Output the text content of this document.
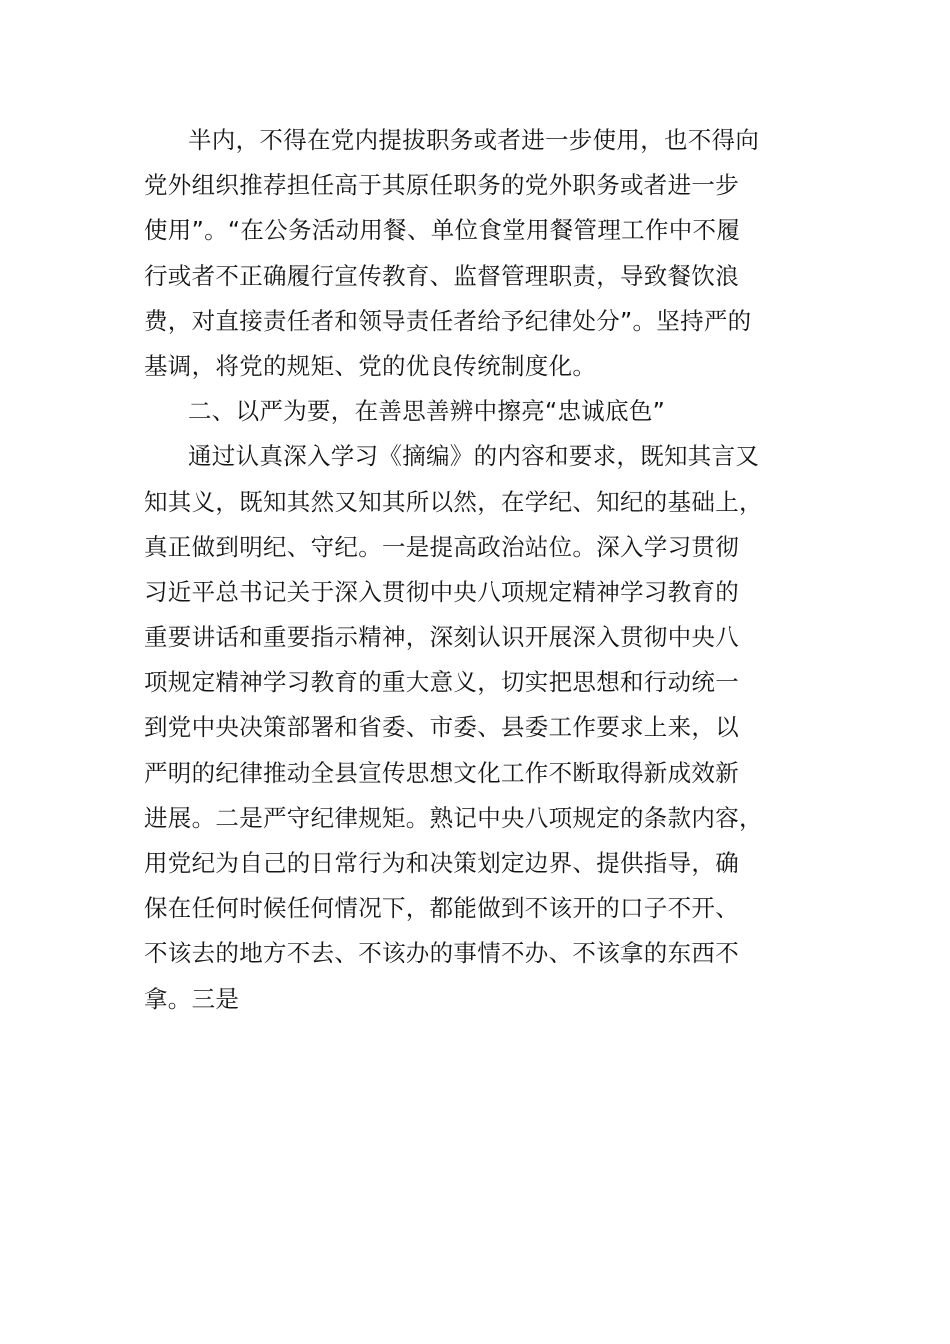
半内，不得在党内提拔职务或者进一步使用，也不得向
党外组织推荐担任高于其原任职务的党外职务或者进一步
使用”。“在公务活动用餐、单位食堂用餐管理工作中不履
行或者不正确履行宣传教育、监督管理职责，导致餐饮浪
费，对直接责任者和领导责任者给予纪律处分”。坚持严的
基调，将党的规矩、党的优良传统制度化。
二、以严为要，在善思善辨中擦亮“忠诚底色”
通过认真深入学习《摘编》的内容和要求，既知其言又
知其义，既知其然又知其所以然，在学纪、知纪的基础上，
真正做到明纪、守纪。一是提高政治站位。深入学习贯彻
习近平总书记关于深入贯彻中央八项规定精神学习教育的
重要讲话和重要指示精神，深刻认识开展深入贯彻中央八
项规定精神学习教育的重大意义，切实把思想和行动统一
到党中央决策部署和省委、市委、县委工作要求上来，以
严明的纪律推动全县宣传思想文化工作不断取得新成效新
进展。二是严守纪律规矩。熟记中央八项规定的条款内容，
用党纪为自己的日常行为和决策划定边界、提供指导，确
保在任何时候任何情况下，都能做到不该开的口子不开、
不该去的地方不去、不该办的事情不办、不该拿的东西不
拿。三是
